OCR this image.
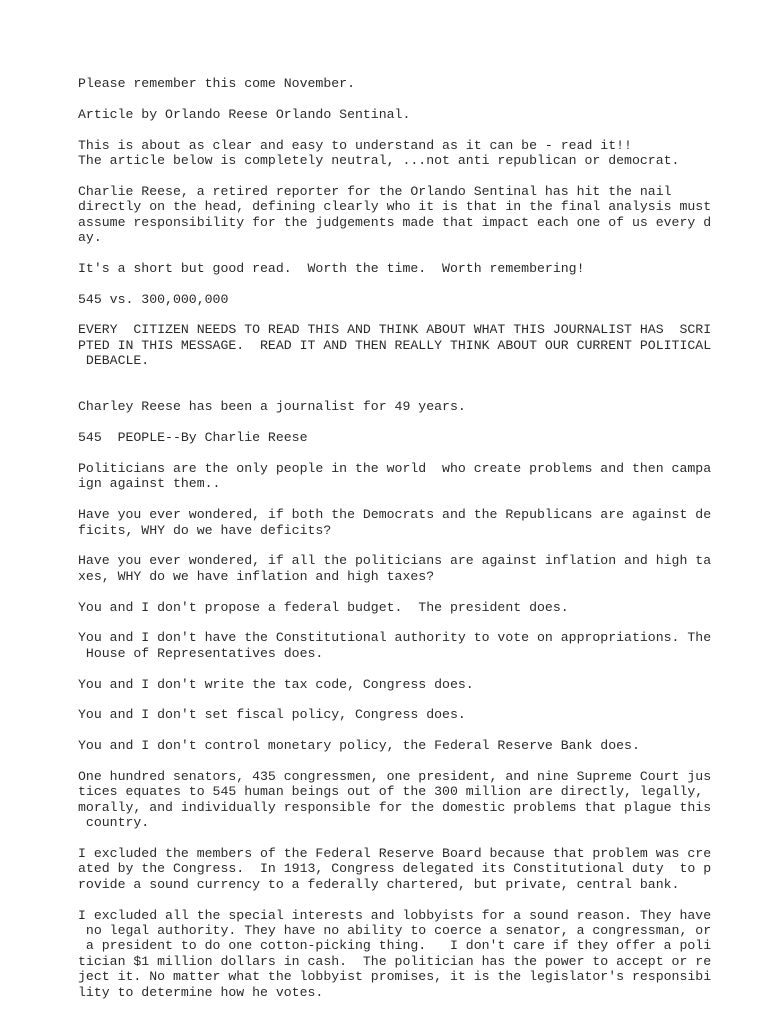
Please remember this come November.

Article by Orlando Reese Orlando Sentinal.

This is about as clear and easy to understand as it can be - read it!!
The article below is completely neutral, ...not anti republican or democrat.

Charlie Reese, a retired reporter for the Orlando Sentinal has hit the nail
directly on the head, defining clearly who it is that in the final analysis must
assume responsibility for the judgements made that impact each one of us every d
ay.

It's a short but good read.  Worth the time.  Worth remembering!

545 vs. 300,000,000

EVERY  CITIZEN NEEDS TO READ THIS AND THINK ABOUT WHAT THIS JOURNALIST HAS  SCRI
PTED IN THIS MESSAGE.  READ IT AND THEN REALLY THINK ABOUT OUR CURRENT POLITICAL
DEBACLE.

Charley Reese has been a journalist for 49 years.

545  PEOPLE--By Charlie Reese

Politicians are the only people in the world  who create problems and then campa
ign against them..

Have you ever wondered, if both the Democrats and the Republicans are against de
ficits, WHY do we have deficits?

Have you ever wondered, if all the politicians are against inflation and high ta
xes, WHY do we have inflation and high taxes?

You and I don't propose a federal budget.  The president does.

You and I don't have the Constitutional authority to vote on appropriations. The
House of Representatives does.

You and I don't write the tax code, Congress does.

You and I don't set fiscal policy, Congress does.

You and I don't control monetary policy, the Federal Reserve Bank does.

One hundred senators, 435 congressmen, one president, and nine Supreme Court jus
tices equates to 545 human beings out of the 300 million are directly, legally,
morally, and individually responsible for the domestic problems that plague this
country.

I excluded the members of the Federal Reserve Board because that problem was cre
ated by the Congress.  In 1913, Congress delegated its Constitutional duty  to p
rovide a sound currency to a federally chartered, but private, central bank.

I excluded all the special interests and lobbyists for a sound reason. They have
no legal authority. They have no ability to coerce a senator, a congressman, or
a president to do one cotton-picking thing.   I don't care if they offer a poli
tician $1 million dollars in cash.  The politician has the power to accept or re
ject it. No matter what the lobbyist promises, it is the legislator's responsibi
lity to determine how he votes.
